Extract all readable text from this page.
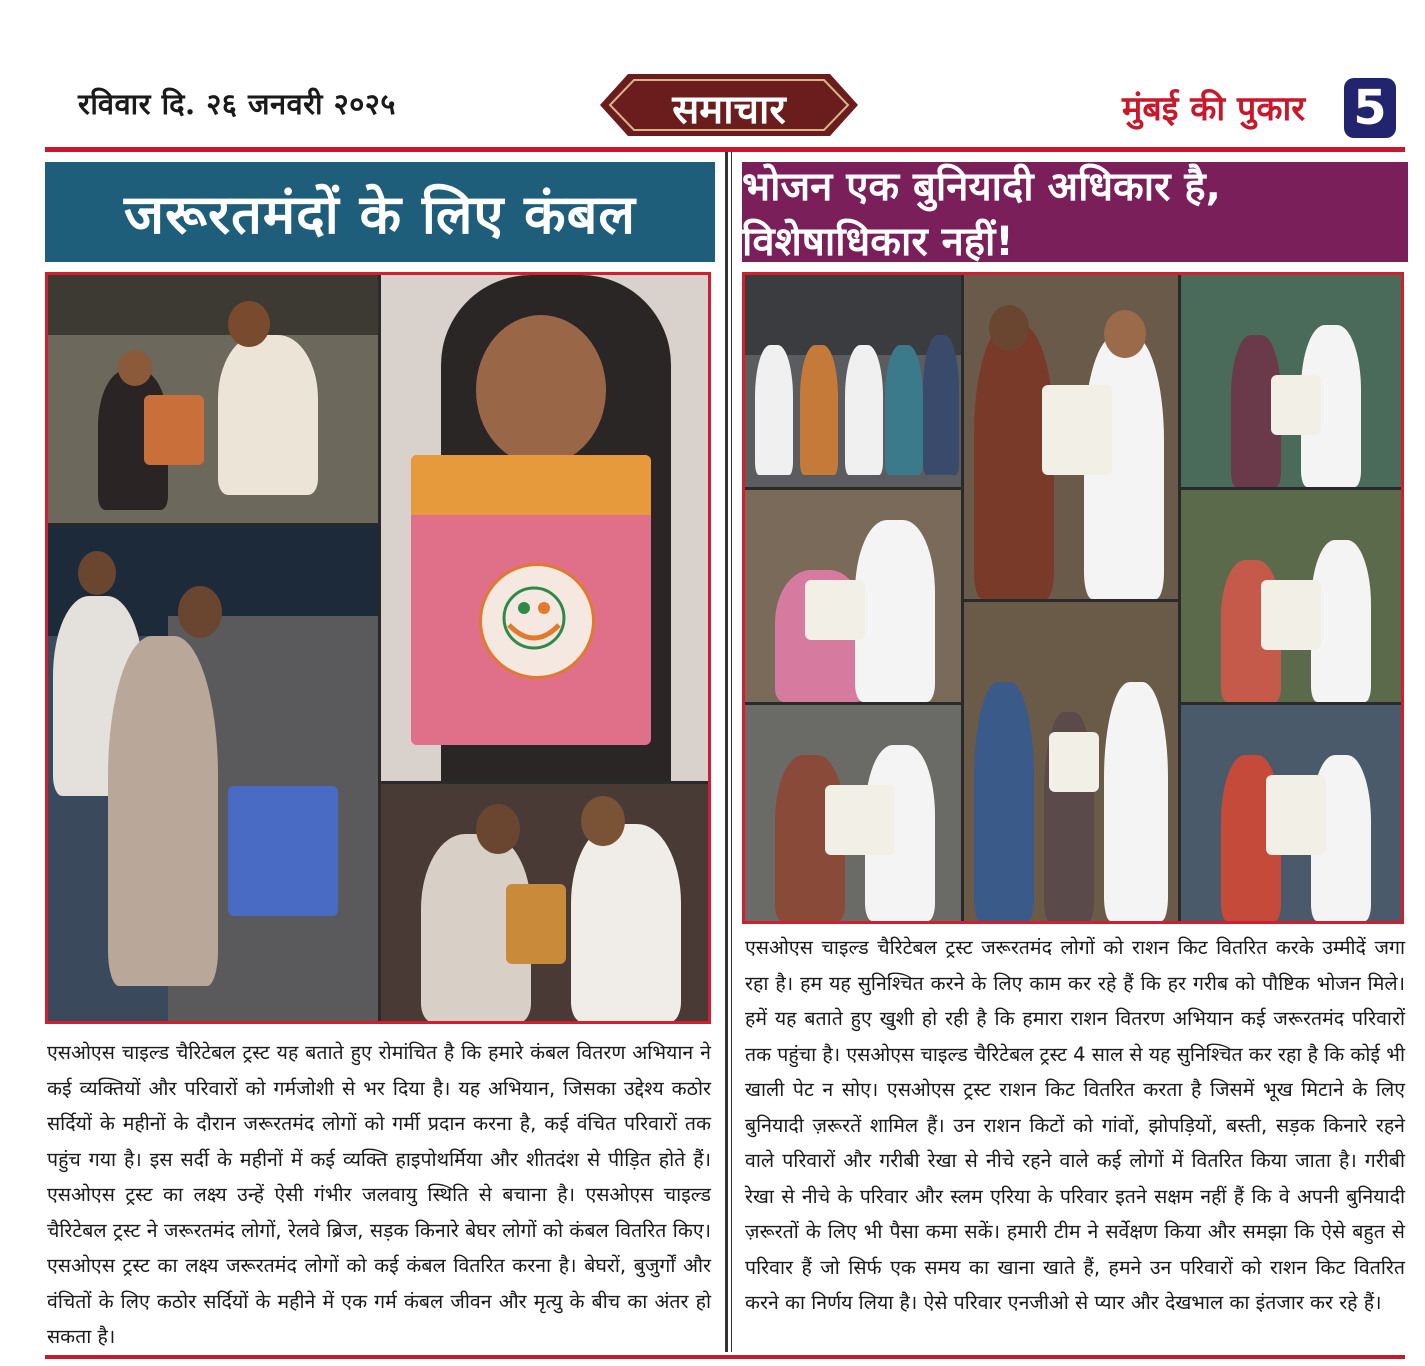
रविवार दि. २६ जनवरी २०२५	समाचार	मुंबई की पुकार 5
जरूरतमंदों के लिए कंबल
एसओएस चाइल्ड चैरिटेबल ट्रस्ट यह बताते हुए रोमांचित है कि हमारे कंबल वितरण अभियान ने कई व्यक्तियों और परिवारों को गर्मजोशी से भर दिया है। यह अभियान, जिसका उद्देश्य कठोर सर्दियों के महीनों के दौरान जरूरतमंद लोगों को गर्मी प्रदान करना है, कई वंचित परिवारों तक पहुंच गया है। इस सर्दी के महीनों में कई व्यक्ति हाइपोथर्मिया और शीतदंश से पीड़ित होते हैं। एसओएस ट्रस्ट का लक्ष्य उन्हें ऐसी गंभीर जलवायु स्थिति से बचाना है। एसओएस चाइल्ड चैरिटेबल ट्रस्ट ने जरूरतमंद लोगों, रेलवे ब्रिज, सड़क किनारे बेघर लोगों को कंबल वितरित किए। एसओएस ट्रस्ट का लक्ष्य जरूरतमंद लोगों को कई कंबल वितरित करना है। बेघरों, बुजुर्गों और वंचितों के लिए कठोर सर्दियों के महीने में एक गर्म कंबल जीवन और मृत्यु के बीच का अंतर हो सकता है।
भोजन एक बुनियादी अधिकार है, विशेषाधिकार नहीं!
एसओएस चाइल्ड चैरिटेबल ट्रस्ट जरूरतमंद लोगों को राशन किट वितरित करके उम्मीदें जगा रहा है। हम यह सुनिश्चित करने के लिए काम कर रहे हैं कि हर गरीब को पौष्टिक भोजन मिले। हमें यह बताते हुए खुशी हो रही है कि हमारा राशन वितरण अभियान कई जरूरतमंद परिवारों तक पहुंचा है। एसओएस चाइल्ड चैरिटेबल ट्रस्ट 4 साल से यह सुनिश्चित कर रहा है कि कोई भी खाली पेट न सोए। एसओएस ट्रस्ट राशन किट वितरित करता है जिसमें भूख मिटाने के लिए बुनियादी ज़रूरतें शामिल हैं। उन राशन किटों को गांवों, झोपड़ियों, बस्ती, सड़क किनारे रहने वाले परिवारों और गरीबी रेखा से नीचे रहने वाले कई लोगों में वितरित किया जाता है। गरीबी रेखा से नीचे के परिवार और स्लम एरिया के परिवार इतने सक्षम नहीं हैं कि वे अपनी बुनियादी ज़रूरतों के लिए भी पैसा कमा सकें। हमारी टीम ने सर्वेक्षण किया और समझा कि ऐसे बहुत से परिवार हैं जो सिर्फ एक समय का खाना खाते हैं, हमने उन परिवारों को राशन किट वितरित करने का निर्णय लिया है। ऐसे परिवार एनजीओ से प्यार और देखभाल का इंतजार कर रहे हैं।
